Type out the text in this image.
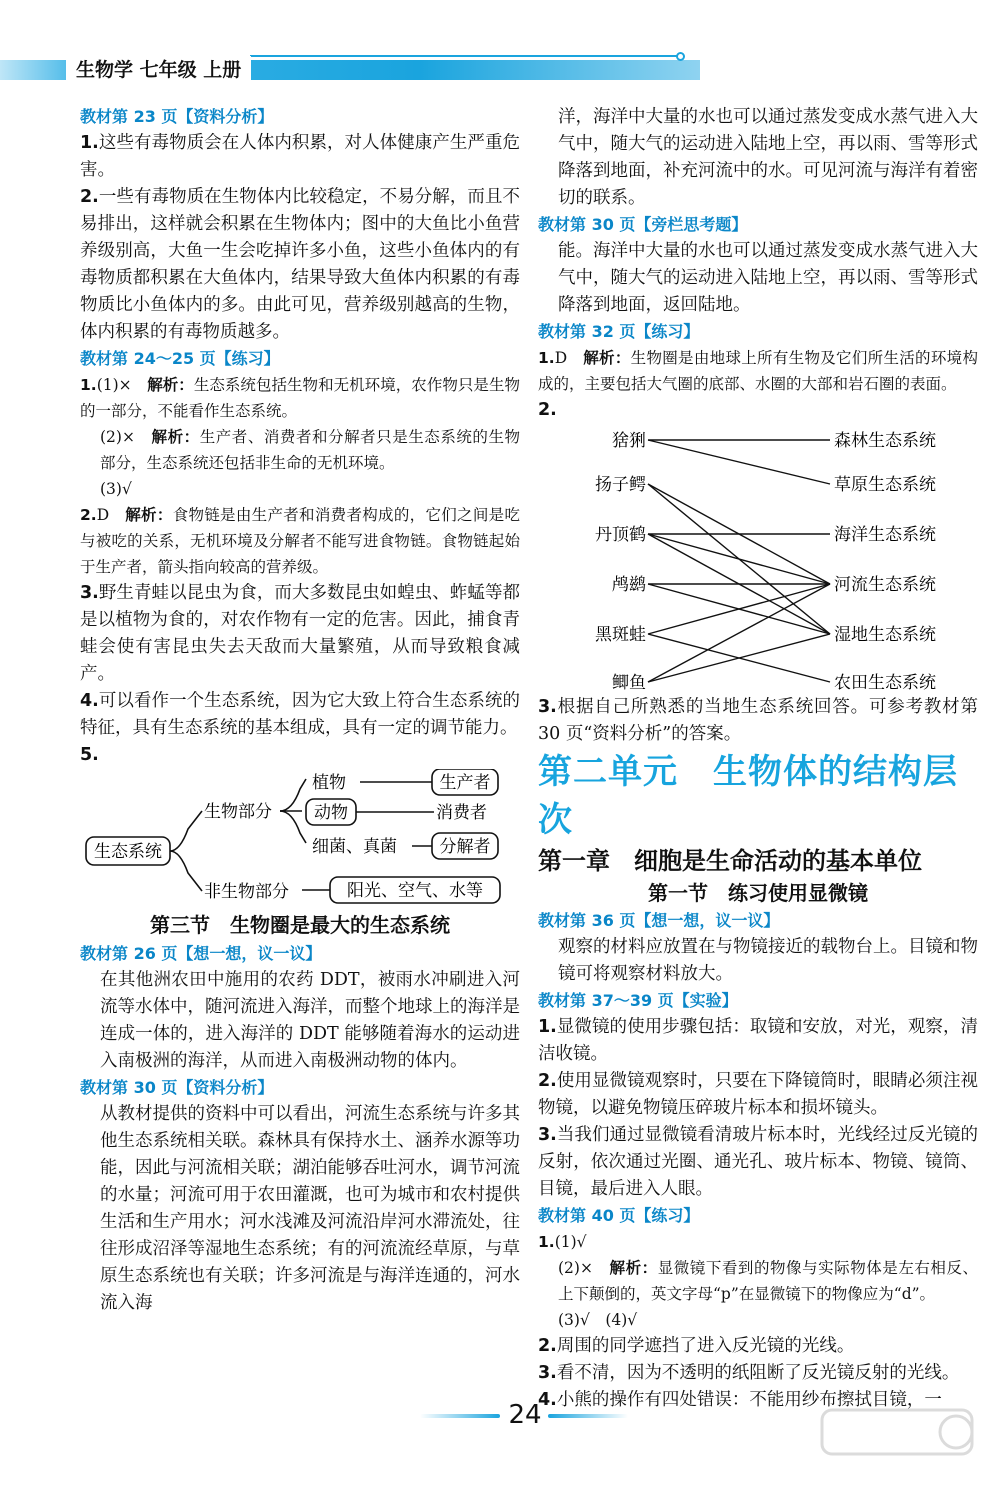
生物学 七年级 上册
教材第 23 页【资料分析】
1.这些有毒物质会在人体内积累，对人体健康产生严重危害。
2.一些有毒物质在生物体内比较稳定，不易分解，而且不易排出，这样就会积累在生物体内；图中的大鱼比小鱼营养级别高，大鱼一生会吃掉许多小鱼，这些小鱼体内的有毒物质都积累在大鱼体内，结果导致大鱼体内积累的有毒物质比小鱼体内的多。由此可见，营养级别越高的生物，体内积累的有毒物质越多。
教材第 24～25 页【练习】
1.(1)×　 解析：生态系统包括生物和无机环境，农作物只是生物的一部分，不能看作生态系统。
(2)×　 解析：生产者、消费者和分解者只是生态系统的生物部分，生态系统还包括非生命的无机环境。
(3)√
2.D　 解析：食物链是由生产者和消费者构成的，它们之间是吃与被吃的关系，无机环境及分解者不能写进食物链。食物链起始于生产者，箭头指向较高的营养级。
3.野生青蛙以昆虫为食，而大多数昆虫如蝗虫、蚱蜢等都是以植物为食的，对农作物有一定的危害。因此，捕食青蛙会使有害昆虫失去天敌而大量繁殖，从而导致粮食减产。
4.可以看作一个生态系统，因为它大致上符合生态系统的特征，具有生态系统的基本组成，具有一定的调节能力。
5.
生态系统
生物部分
非生物部分
植物
动物
细菌、真菌
生产者
消费者
分解者
阳光、空气、水等
第三节　生物圈是最大的生态系统
教材第 26 页【想一想，议一议】
在其他洲农田中施用的农药 DDT，被雨水冲刷进入河流等水体中，随河流进入海洋，而整个地球上的海洋是连成一体的，进入海洋的 DDT 能够随着海水的运动进入南极洲的海洋，从而进入南极洲动物的体内。
教材第 30 页【资料分析】
从教材提供的资料中可以看出，河流生态系统与许多其他生态系统相关联。森林具有保持水土、涵养水源等功能，因此与河流相关联；湖泊能够吞吐河水，调节河流的水量；河流可用于农田灌溉，也可为城市和农村提供生活和生产用水；河水浅滩及河流沿岸河水滞流处，往往形成沼泽等湿地生态系统；有的河流流经草原，与草原生态系统也有关联；许多河流是与海洋连通的，河水流入海
洋，海洋中大量的水也可以通过蒸发变成水蒸气进入大气中，随大气的运动进入陆地上空，再以雨、雪等形式降落到地面，补充河流中的水。可见河流与海洋有着密切的联系。
教材第 30 页【旁栏思考题】
能。海洋中大量的水也可以通过蒸发变成水蒸气进入大气中，随大气的运动进入陆地上空，再以雨、雪等形式降落到地面，返回陆地。
教材第 32 页【练习】
1.D　 解析：生物圈是由地球上所有生物及它们所生活的环境构成的，主要包括大气圈的底部、水圈的大部和岩石圈的表面。
2.
猞猁
扬子鳄
丹顶鹤
鸬鹚
黑斑蛙
鲫鱼
森林生态系统
草原生态系统
海洋生态系统
河流生态系统
湿地生态系统
农田生态系统
3.根据自己所熟悉的当地生态系统回答。可参考教材第 30 页“资料分析”的答案。
第二单元　生物体的结构层次
第一章　细胞是生命活动的基本单位
第一节　练习使用显微镜
教材第 36 页【想一想，议一议】
观察的材料应放置在与物镜接近的载物台上。目镜和物镜可将观察材料放大。
教材第 37～39 页【实验】
1.显微镜的使用步骤包括：取镜和安放，对光，观察，清洁收镜。
2.使用显微镜观察时，只要在下降镜筒时，眼睛必须注视物镜，以避免物镜压碎玻片标本和损坏镜头。
3.当我们通过显微镜看清玻片标本时，光线经过反光镜的反射，依次通过光圈、通光孔、玻片标本、物镜、镜筒、目镜，最后进入人眼。
教材第 40 页【练习】
1.(1)√
(2)×　 解析：显微镜下看到的物像与实际物体是左右相反、上下颠倒的，英文字母“p”在显微镜下的物像应为“d”。
(3)√　(4)√
2.周围的同学遮挡了进入反光镜的光线。
3.看不清，因为不透明的纸阻断了反光镜反射的光线。
4.小熊的操作有四处错误：不能用纱布擦拭目镜，一
24
